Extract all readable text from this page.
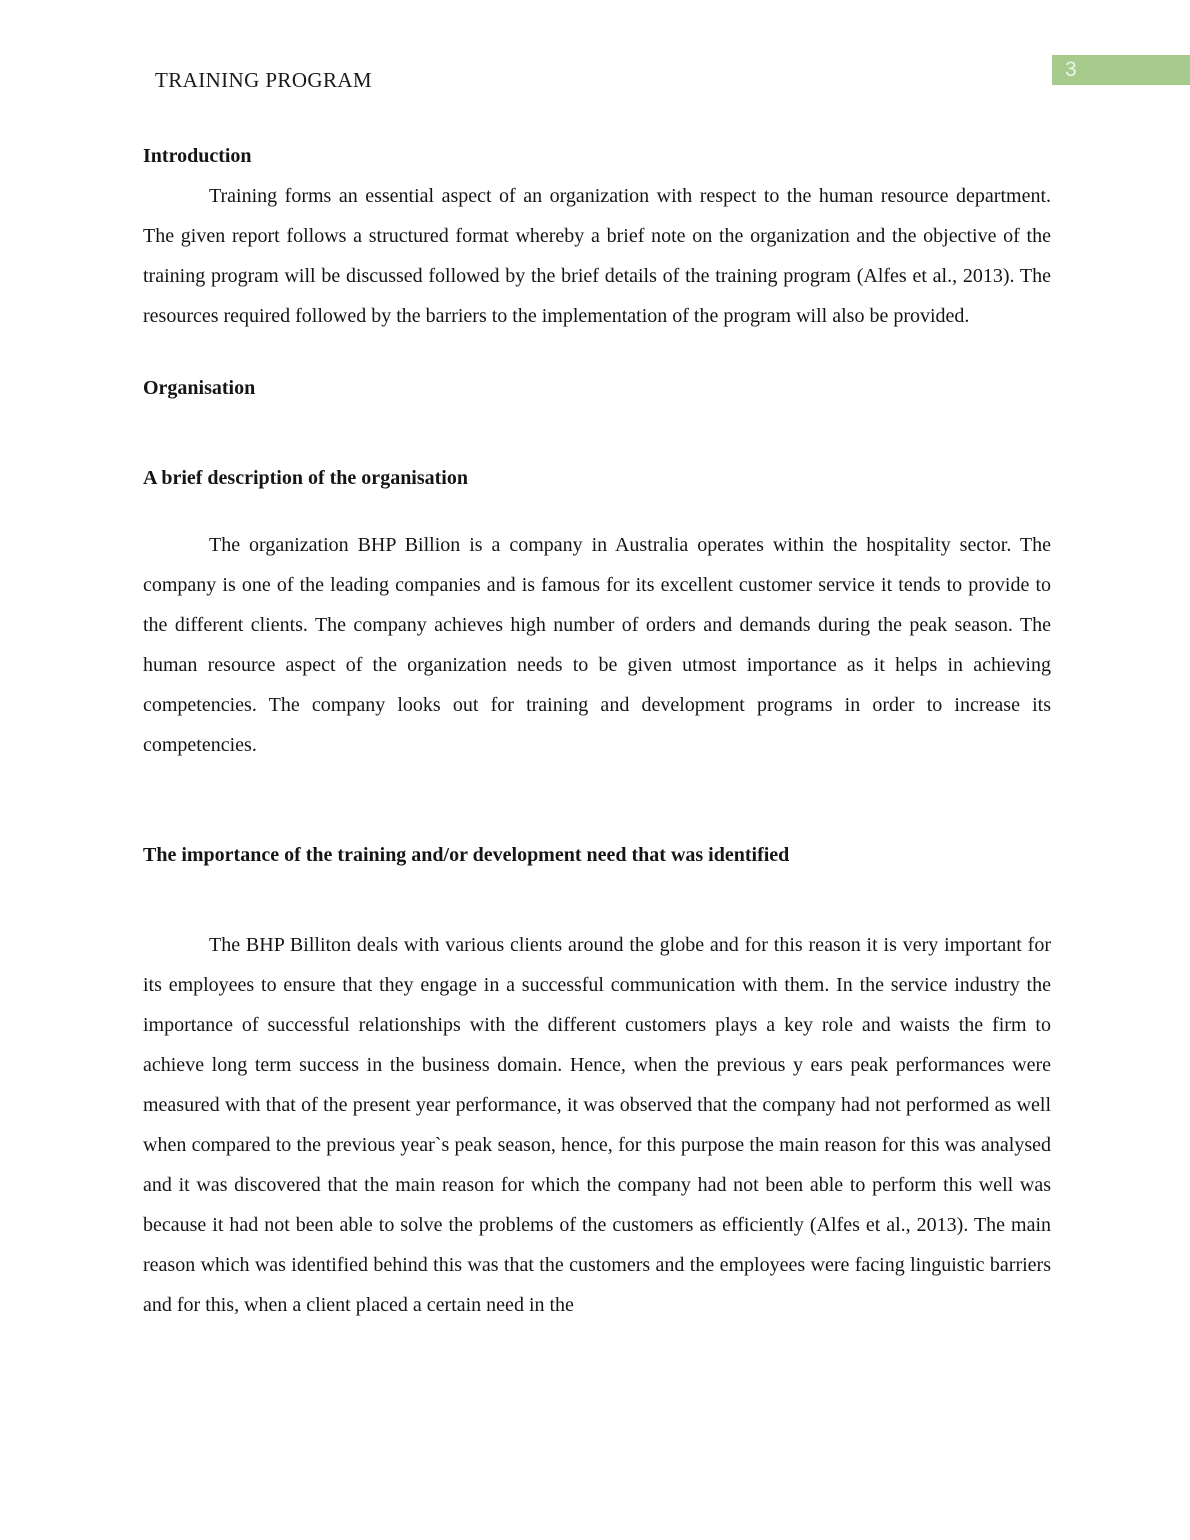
TRAINING PROGRAM	3
Introduction

Training forms an essential aspect of an organization with respect to the human resource department. The given report follows a structured format whereby a brief note on the organization and the objective of the training program will be discussed followed by the brief details of the training program (Alfes et al., 2013). The resources required followed by the barriers to the implementation of the program will also be provided.

Organisation
A brief description of the organisation

The organization BHP Billion is a company in Australia operates within the hospitality sector. The company is one of the leading companies and is famous for its excellent customer service it tends to provide to the different clients. The company achieves high number of orders and demands during the peak season. The human resource aspect of the organization needs to be given utmost importance as it helps in achieving competencies. The company looks out for training and development programs in order to increase its competencies.

The importance of the training and/or development need that was identified

The BHP Billiton deals with various clients around the globe and for this reason it is very important for its employees to ensure that they engage in a successful communication with them. In the service industry the importance of successful relationships with the different customers plays a key role and waists the firm to achieve long term success in the business domain. Hence, when the previous y ears peak performances were measured with that of the present year performance, it was observed that the company had not performed as well when compared to the previous year`s peak season, hence, for this purpose the main reason for this was analysed and it was discovered that the main reason for which the company had not been able to perform this well was because it had not been able to solve the problems of the customers as efficiently (Alfes et al., 2013). The main reason which was identified behind this was that the customers and the employees were facing linguistic barriers and for this, when a client placed a certain need in the
